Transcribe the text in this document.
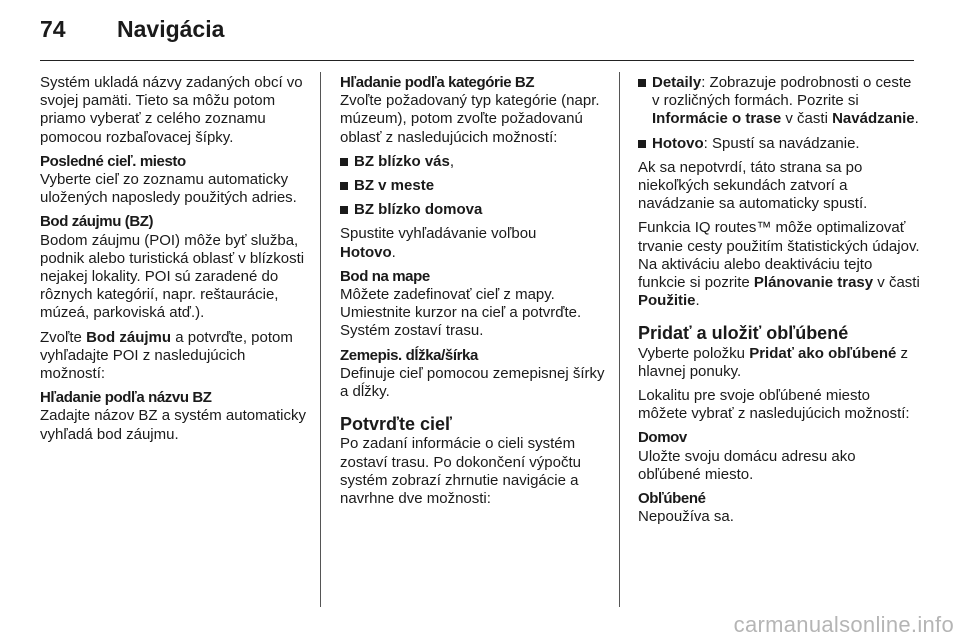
74 Navigácia

Systém ukladá názvy zadaných obcí vo svojej pamäti. Tieto sa môžu potom priamo vyberať z celého zoznamu pomocou rozbaľovacej šípky.

Posledné cieľ. miesto

Vyberte cieľ zo zoznamu automaticky uložených naposledy použitých adries.

Bod záujmu (BZ)

Bodom záujmu (POI) môže byť služba, podnik alebo turistická oblasť v blízkosti nejakej lokality. POI sú zaradené do rôznych kategórií, napr. reštaurácie, múzeá, parkoviská atď.).

Zvoľte Bod záujmu a potvrďte, potom vyhľadajte POI z nasledujúcich možností:

Hľadanie podľa názvu BZ

Zadajte názov BZ a systém automaticky vyhľadá bod záujmu.

Hľadanie podľa kategórie BZ

Zvoľte požadovaný typ kategórie (napr. múzeum), potom zvoľte požadovanú oblasť z nasledujúcich možností:

BZ blízko vás,
BZ v meste
BZ blízko domova

Spustite vyhľadávanie voľbou
Hotovo.

Bod na mape

Môžete zadefinovať cieľ z mapy. Umiestnite kurzor na cieľ a potvrďte. Systém zostaví trasu.

Zemepis. dĺžka/šírka

Definuje cieľ pomocou zemepisnej šírky a dĺžky.

Potvrďte cieľ

Po zadaní informácie o cieli systém zostaví trasu. Po dokončení výpočtu systém zobrazí zhrnutie navigácie a navrhne dve možnosti:

Detaily: Zobrazuje podrobnosti o ceste v rozličných formách. Pozrite si Informácie o trase v časti Navádzanie.
Hotovo: Spustí sa navádzanie.

Ak sa nepotvrdí, táto strana sa po niekoľkých sekundách zatvorí a navádzanie sa automaticky spustí.

Funkcia IQ routes™ môže optimalizovať trvanie cesty použitím štatistických údajov. Na aktiváciu alebo deaktiváciu tejto funkcie si pozrite Plánovanie trasy v časti
Použitie.

Pridať a uložiť obľúbené

Vyberte položku Pridať ako obľúbené z hlavnej ponuky.

Lokalitu pre svoje obľúbené miesto môžete vybrať z nasledujúcich možností:

Domov

Uložte svoju domácu adresu ako obľúbené miesto.

Obľúbené

Nepoužíva sa.

carmanualsonline.info
